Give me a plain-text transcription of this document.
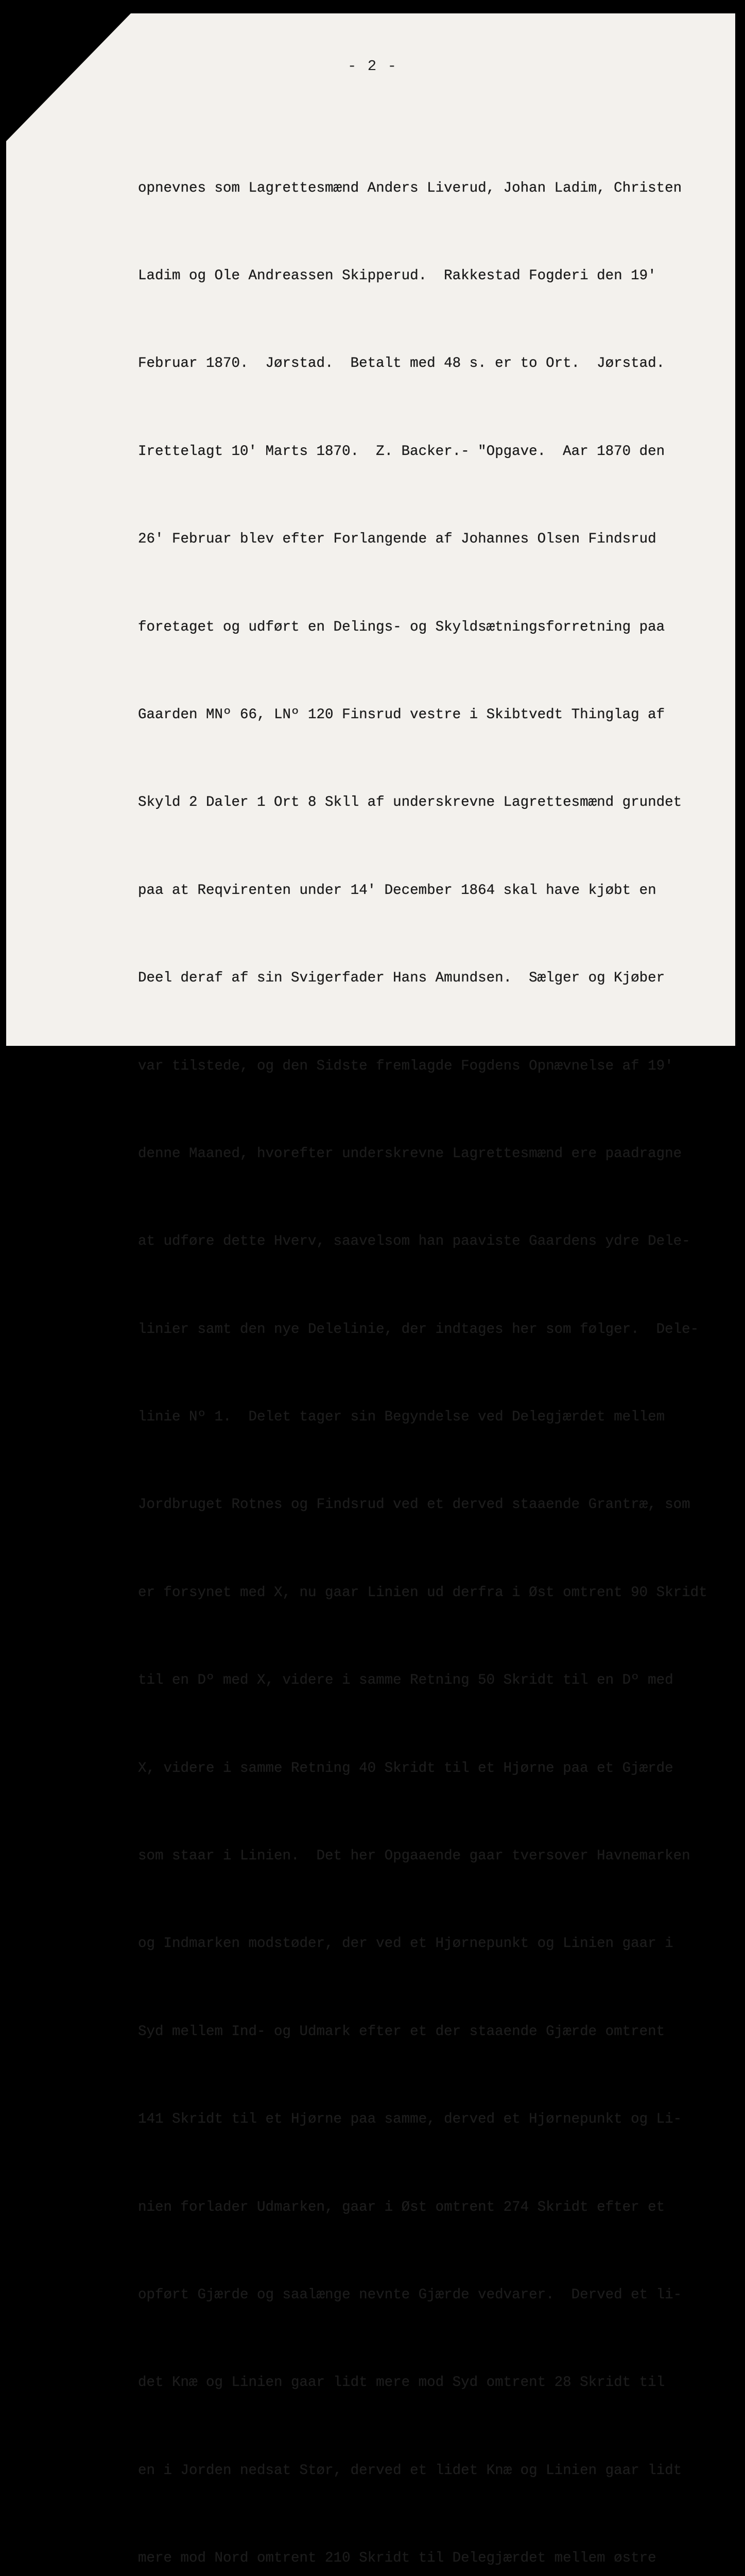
- 2 -

opnevnes som Lagrettesmænd Anders Liverud, Johan Ladim, Christen

Ladim og Ole Andreassen Skipperud.  Rakkestad Fogderi den 19'

Februar 1870.  Jørstad.  Betalt med 48 s. er to Ort.  Jørstad.

Irettelagt 10' Marts 1870.  Z. Backer.- "Opgave.  Aar 1870 den

26' Februar blev efter Forlangende af Johannes Olsen Findsrud

foretaget og udført en Delings- og Skyldsætningsforretning paa

Gaarden MNº 66, LNº 120 Finsrud vestre i Skibtvedt Thinglag af

Skyld 2 Daler 1 Ort 8 Skll af underskrevne Lagrettesmænd grundet

paa at Reqvirenten under 14' December 1864 skal have kjøbt en

Deel deraf af sin Svigerfader Hans Amundsen.  Sælger og Kjøber

var tilstede, og den Sidste fremlagde Fogdens Opnævnelse af 19'

denne Maaned, hvorefter underskrevne Lagrettesmænd ere paadragne

at udføre dette Hverv, saavelsom han paaviste Gaardens ydre Dele-

linier samt den nye Delelinie, der indtages her som følger.  Dele-

linie Nº 1.  Delet tager sin Begyndelse ved Delegjærdet mellem

Jordbruget Rotnes og Findsrud ved et derved staaende Grantræ, som

er forsynet med X, nu gaar Linien ud derfra i Øst omtrent 90 Skridt

til en Dº med X, videre i samme Retning 50 Skridt til en Dº med

X, videre i samme Retning 40 Skridt til et Hjørne paa et Gjærde

som staar i Linien.  Det her Opgaaende gaar tversover Havnemarken

og Indmarken modstøder, der ved et Hjørnepunkt og Linien gaar i

Syd mellem Ind- og Udmark efter et der staaende Gjærde omtrent

141 Skridt til et Hjørne paa samme, derved et Hjørnepunkt og Li-

nien forlader Udmarken, gaar i Øst omtrent 274 Skridt efter et

opført Gjærde og saalænge nevnte Gjærde vedvarer.  Derved et li-

det Knæ og Linien gaar lidt mere mod Syd omtrent 28 Skridt til

en i Jorden nedsat Stør, derved et lidet Knæ og Linien gaar lidt

mere mod Nord omtrent 210 Skridt til Delegjærdet mellem østre
